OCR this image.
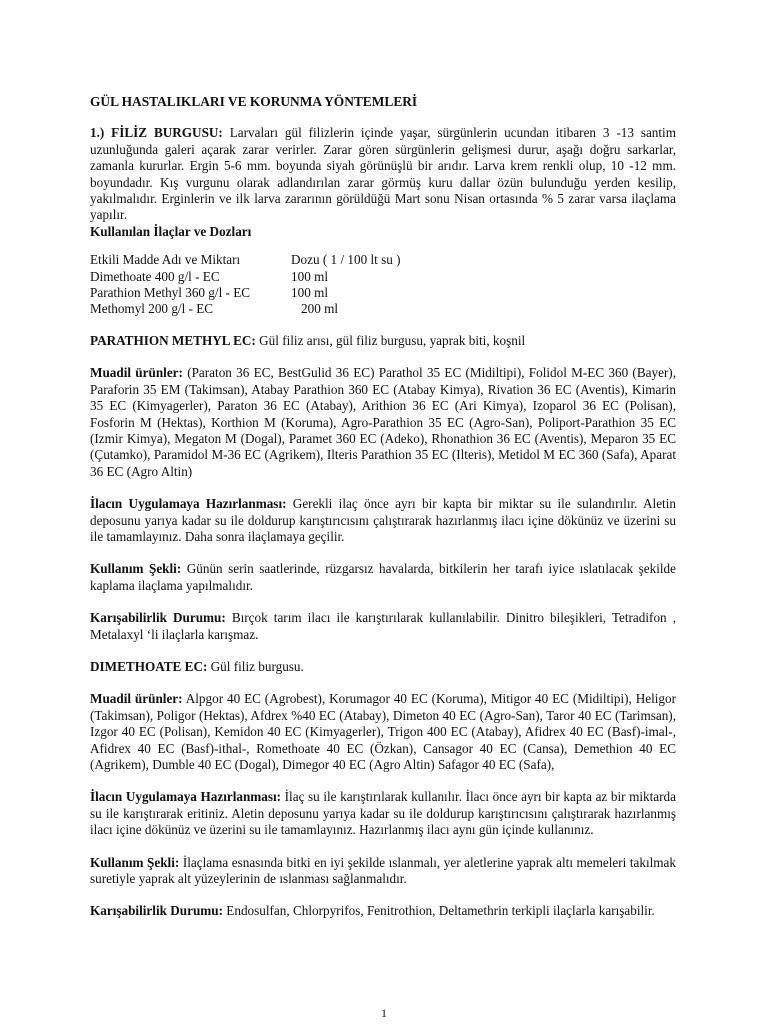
GÜL HASTALIKLARI VE KORUNMA YÖNTEMLERİ
1.) FİLİZ BURGUSU: Larvaları gül filizlerin içinde yaşar, sürgünlerin ucundan itibaren 3 -13 santim uzunluğunda galeri açarak zarar verirler. Zarar gören sürgünlerin gelişmesi durur, aşağı doğru sarkarlar, zamanla kururlar. Ergin 5-6 mm. boyunda siyah görünüşlü bir arıdır. Larva krem renkli olup, 10 -12 mm. boyundadır. Kış vurgunu olarak adlandırılan zarar görmüş kuru dallar özün bulunduğu yerden kesilip, yakılmalıdır. Erginlerin ve ilk larva zararının görüldüğü Mart sonu Nisan ortasında % 5 zarar varsa ilaçlama yapılır.
Kullanılan İlaçlar ve Dozları
Etkili Madde Adı ve Miktarı	Dozu ( 1 / 100 lt su )
Dimethoate 400 g/l - EC	100 ml
Parathion Methyl 360 g/l - EC	100 ml
Methomyl 200 g/l - EC	200 ml
PARATHION METHYL EC: Gül filiz arısı, gül filiz burgusu, yaprak biti, koşnil
Muadil ürünler: (Paraton 36 EC, BestGulid 36 EC) Parathol 35 EC (Midiltipi), Folidol M-EC 360 (Bayer), Paraforin 35 EM (Takimsan), Atabay Parathion 360 EC (Atabay Kimya), Rivation 36 EC (Aventis), Kimarin 35 EC (Kimyagerler), Paraton 36 EC (Atabay), Arithion 36 EC (Ari Kimya), Izoparol 36 EC (Polisan), Fosforin M (Hektas), Korthion M (Koruma), Agro-Parathion 35 EC (Agro-San), Poliport-Parathion 35 EC (Izmir Kimya), Megaton M (Dogal), Paramet 360 EC (Adeko), Rhonathion 36 EC (Aventis), Meparon 35 EC (Çutamko), Paramidol M-36 EC (Agrikem), Ilteris Parathion 35 EC (Ilteris), Metidol M EC 360 (Safa), Aparat 36 EC (Agro Altin)
İlacın Uygulamaya Hazırlanması: Gerekli ilaç önce ayrı bir kapta bir miktar su ile sulandırılır. Aletin deposunu yarıya kadar su ile doldurup karıştırıcısını çalıştırarak hazırlanmış ilacı içine dökünüz ve üzerini su ile tamamlayınız. Daha sonra ilaçlamaya geçilir.
Kullanım Şekli: Günün serin saatlerinde, rüzgarsız havalarda, bitkilerin her tarafı iyice ıslatılacak şekilde kaplama ilaçlama yapılmalıdır.
Karışabilirlik Durumu: Bırçok tarım ilacı ile karıştırılarak kullanılabilir. Dinitro bileşikleri, Tetradifon , Metalaxyl ‘li ilaçlarla karışmaz.
DIMETHOATE EC: Gül filiz burgusu.
Muadil ürünler: Alpgor 40 EC (Agrobest), Korumagor 40 EC (Koruma), Mitigor 40 EC (Midiltipi), Heligor (Takimsan), Poligor (Hektas), Afdrex %40 EC (Atabay), Dimeton 40 EC (Agro-San), Taror 40 EC (Tarimsan), Izgor 40 EC (Polisan), Kemidon 40 EC (Kimyagerler), Trigon 400 EC (Atabay), Afidrex 40 EC (Basf)-imal-, Afidrex 40 EC (Basf)-ithal-, Romethoate 40 EC (Özkan), Cansagor 40 EC (Cansa), Demethion 40 EC (Agrikem), Dumble 40 EC (Dogal), Dimegor 40 EC (Agro Altin) Safagor 40 EC (Safa),
İlacın Uygulamaya Hazırlanması: İlaç su ile karıştırılarak kullanılır. İlacı önce ayrı bir kapta az bir miktarda su ile karıştırarak eritiniz. Aletin deposunu yarıya kadar su ile doldurup karıştırıcısını çalıştırarak hazırlanmış ilacı içine dökünüz ve üzerini su ile tamamlayınız. Hazırlanmış ilacı aynı gün içinde kullanınız.
Kullanım Şekli: İlaçlama esnasında bitki en iyi şekilde ıslanmalı, yer aletlerine yaprak altı memeleri takılmak suretiyle yaprak alt yüzeylerinin de ıslanması sağlanmalıdır.
Karışabilirlik Durumu: Endosulfan, Chlorpyrifos, Fenitrothion, Deltamethrin terkipli ilaçlarla karışabilir.
1
